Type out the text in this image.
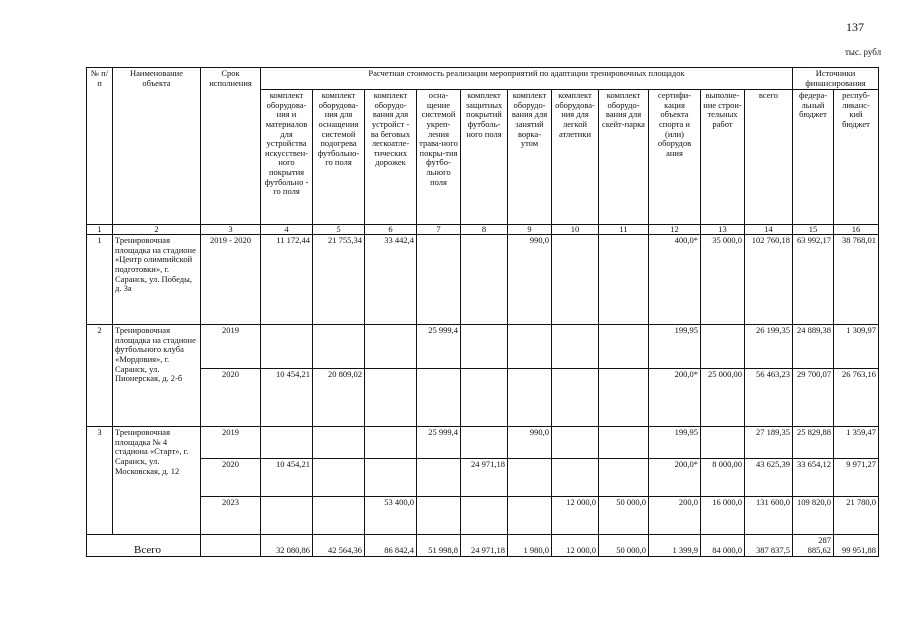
137
тыс. рубл
№ п/п	Наименование объекта	Срок исполнения	Расчетная стоимость реализации мероприятий по адаптации тренировочных площадок											Источники финансирования	
			комплект оборудова-ния и материалов для устройства искусствен-ного покрытия футбольно - го поля	комплект оборудова-ния для оснащения системой подогрева футбольно-го поля	комплект оборудо-вания для устройст - ва беговых легкоатле-тических дорожек	осна-щение системой укреп-ления трава-ного покры-тия футбо-льного поля	комплект защитных покрытий футболь-ного поля	комплект оборудо-вания для занятий ворка-утом	комплект оборудова-ния для легкой атлетики	комплект оборудо-вания для скейт-парка	сертифи-кация объекта спорта и (или) оборудов ания	выполне-ние строи-тельных работ	всего	федера-льный бюджет	респуб-ликанс-кий бюджет
1	2	3	4	5	6	7	8	9	10	11	12	13	14	15	16
1	Тренировочная площадка на стадионе «Центр олимпийской подготовки», г. Саранск, ул. Победы, д. 3а	2019 - 2020	11 172,44	21 755,34	33 442,4			990,0			400,0*	35 000,0	102 760,18	63 992,17	38 768,01
2	Тренировочная площадка на стадионе футбольного клуба «Мордовия», г. Саранск, ул. Пионерская, д. 2-б	2019				25 999,4					199,95		26 199,35	24 889,38	1 309,97
		2020	10 454,21	20 809,02							200,0*	25 000,00	56 463,23	29 700,07	26 763,16
3	Тренировочная площадка № 4 стадиона «Старт», г. Саранск, ул. Московская, д. 12	2019				25 999,4		990,0			199,95		27 189,35	25 829,88	1 359,47
		2020	10 454,21				24 971,18				200,0*	8 000,00	43 625,39	33 654,12	9 971,27
		2023			53 400,0				12 000,0	50 000,0	200,0	16 000,0	131 600,0	109 820,0	21 780,0
Всего			32 080,86	42 564,36	86 842,4	51 998,8	24 971,18	1 980,0	12 000,0	50 000,0	1 399,9	84 000,0	387 837,5	287 885,62	99 951,88
